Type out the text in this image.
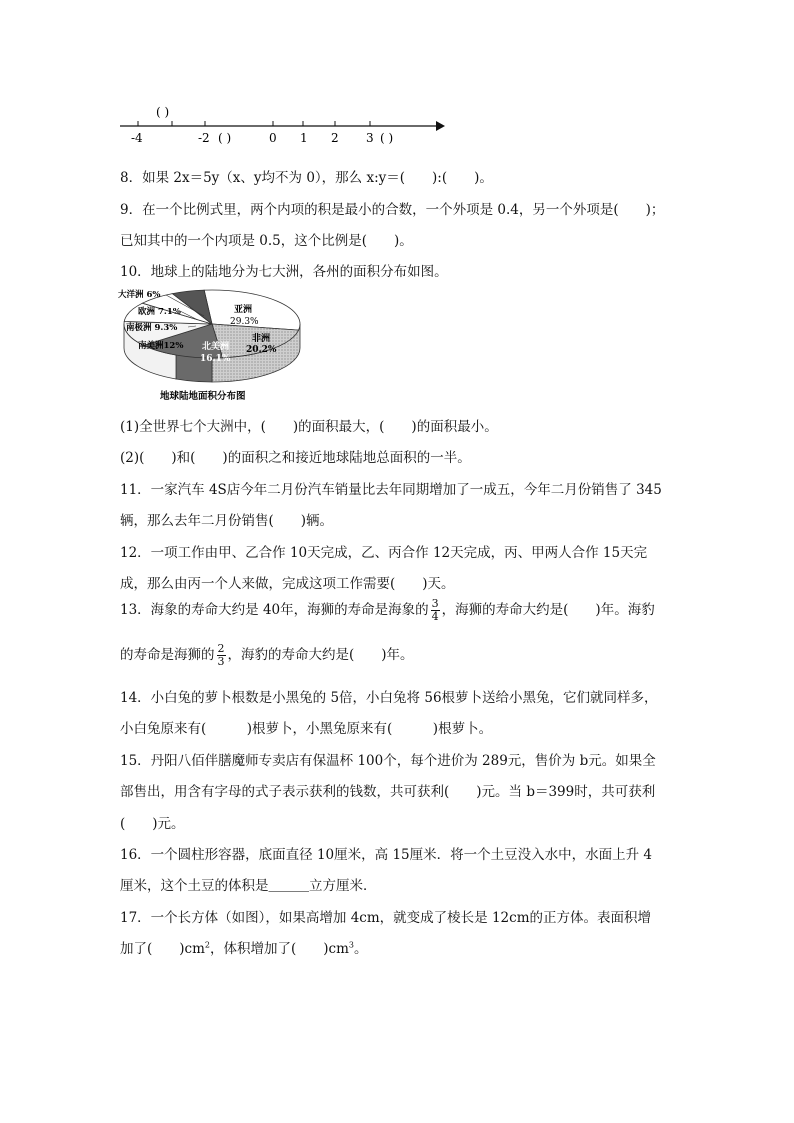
( )
-4	-2 ( )	0 1 2 3 ( )
8．如果 2x＝5y（x、y均不为 0），那么 x:y＝(　　):(　　)。
9．在一个比例式里，两个内项的积是最小的合数，一个外项是 0.4，另一个外项是(　　)；
已知其中的一个内项是 0.5，这个比例是(　　)。
10．地球上的陆地分为七大洲，各州的面积分布如图。
亚洲
29.3%
非洲
20.2%
北美洲
16.1%
大洋洲 6%
欧洲 7.1%
南极洲 9.3%
南美洲12%
地球陆地面积分布图
(1)全世界七个大洲中，(　　)的面积最大，(　　)的面积最小。
(2)(　　)和(　　)的面积之和接近地球陆地总面积的一半。
11．一家汽车 4S店今年二月份汽车销量比去年同期增加了一成五，今年二月份销售了 345
辆，那么去年二月份销售(　　)辆。
12．一项工作由甲、乙合作 10天完成，乙、丙合作 12天完成，丙、甲两人合作 15天完
成，那么由丙一个人来做，完成这项工作需要(　　)天。
13．海象的寿命大约是 40年，海狮的寿命是海象的 $\frac{3}{4}$ ，海狮的寿命大约是(　　)年。海豹
的寿命是海狮的 $\frac{2}{3}$ ，海豹的寿命大约是(　　)年。
14．小白兔的萝卜根数是小黑兔的 5倍，小白兔将 56根萝卜送给小黑兔，它们就同样多，
小白兔原来有(　　　)根萝卜，小黑兔原来有(　　　)根萝卜。
15．丹阳八佰伴膳魔师专卖店有保温杯 100个，每个进价为 289元，售价为 b元。如果全
部售出，用含有字母的式子表示获利的钱数，共可获利(　　)元。当 b＝399时，共可获利
(　　)元。
16．一个圆柱形容器，底面直径 10厘米，高 15厘米．将一个土豆没入水中，水面上升 4
厘米，这个土豆的体积是＿＿＿立方厘米．
17．一个长方体（如图），如果高增加 4cm，就变成了棱长是 12cm的正方体。表面积增
加了(　　)$cm^2$，体积增加了(　　)$cm^3$。
